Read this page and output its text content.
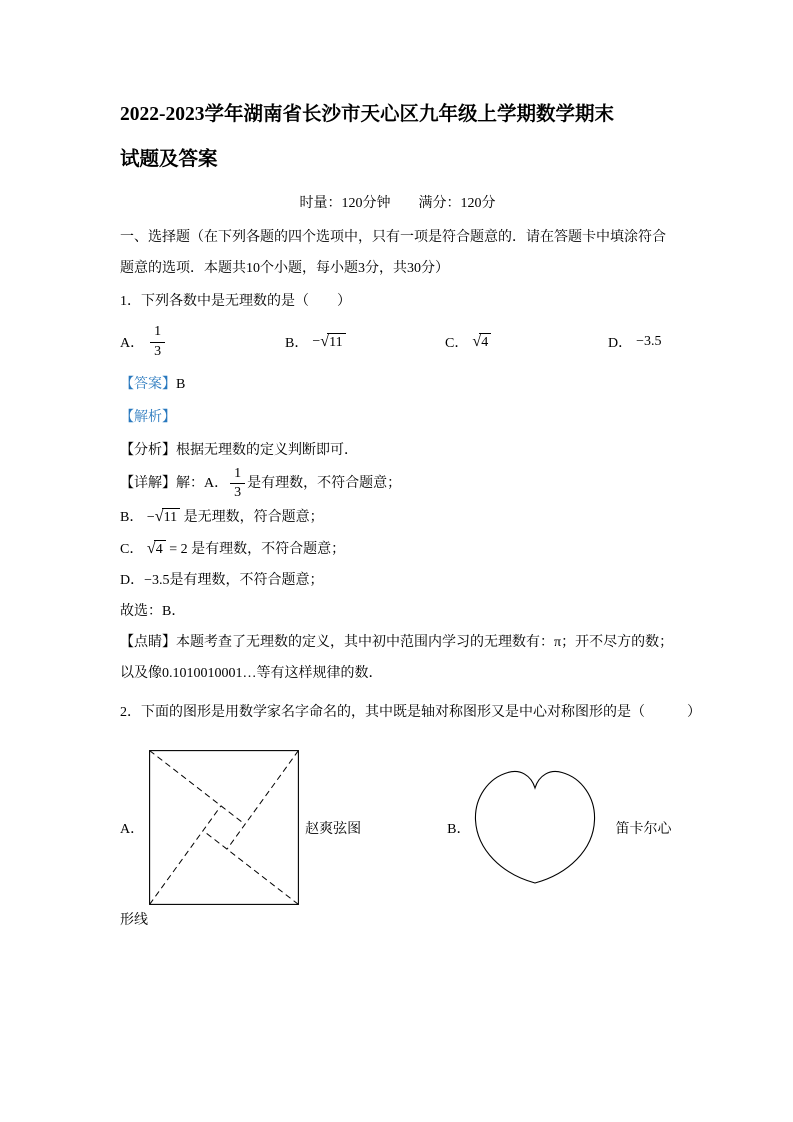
2022-2023学年湖南省长沙市天心区九年级上学期数学期末
试题及答案

时量：120分钟　　满分：120分

一、选择题（在下列各题的四个选项中，只有一项是符合题意的．请在答题卡中填涂符合题意的选项．本题共10个小题，每小题3分，共30分）

1．下列各数中是无理数的是（　　）

A． $\frac{1}{3}$	B． − √ 11	C． √ 4	D． −3.5

【答案】B

【解析】

【分析】根据无理数的定义判断即可．

【详解】解：A． $\frac{1}{3}$ 是有理数，不符合题意；

B． −√ 11 是无理数，符合题意；

C． √ 4 = 2 是有理数，不符合题意；

D．−3.5是有理数，不符合题意；

故选：B．

【点睛】本题考查了无理数的定义，其中初中范围内学习的无理数有：π；开不尽方的数；以及像0.1010010001…等有这样规律的数．

2．下面的图形是用数学家名字命名的，其中既是轴对称图形又是中心对称图形的是（　　　）

A．	赵爽弦图	B．	笛卡尔心

形线
